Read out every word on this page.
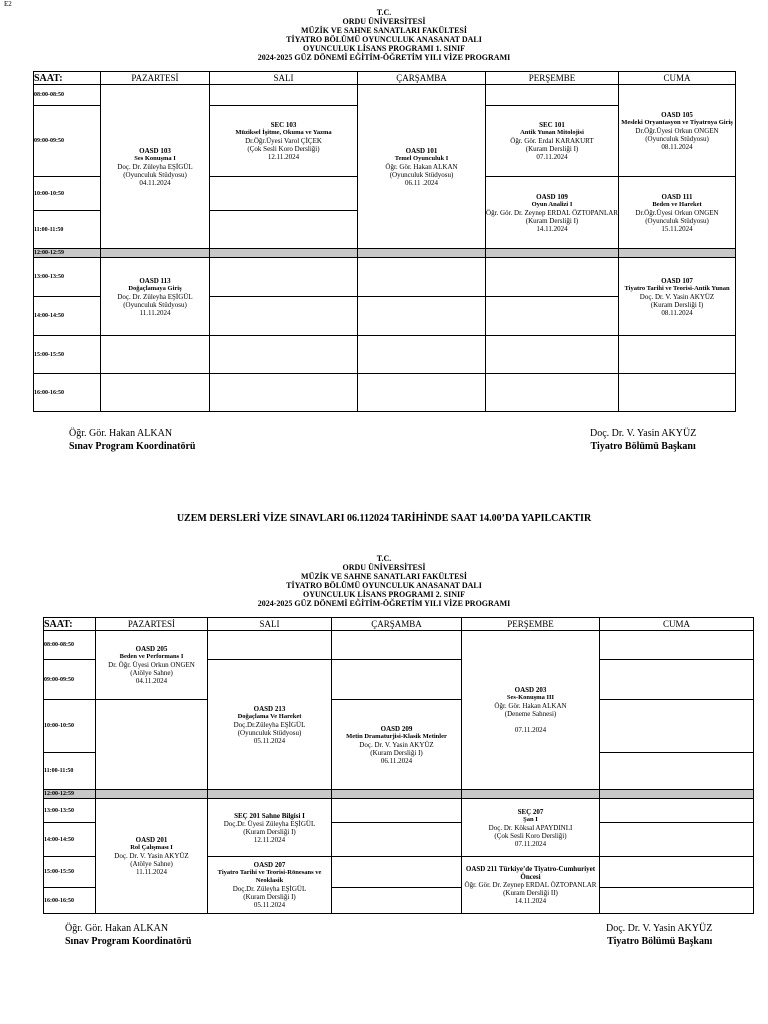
E2
T.C.
ORDU ÜNİVERSİTESİ
MÜZİK VE SAHNE SANATLARI FAKÜLTESİ
TİYATRO BÖLÜMÜ OYUNCULUK ANASANAT DALI
OYUNCULUK LİSANS PROGRAMI 1. SINIF
2024-2025 GÜZ DÖNEMİ EĞİTİM-ÖĞRETİM YILI VİZE PROGRAMI
SAAT:	PAZARTESİ	SALI	ÇARŞAMBA	PERŞEMBE	CUMA
08:00-08:50	OASD 103
Ses Konuşma I
Doç. Dr. Züleyha EŞİGÜL
(Oyunculuk Stüdyosu)
04.11.2024		OASD 101
Temel Oyunculuk I
Öğr. Gör. Hakan ALKAN
(Oyunculuk Stüdyosu)
06.11 .2024		OASD 105
Mesleki Oryantasyon ve Tiyatroya Giriş
Dr.Öğr.Üyesi Orkun ONGEN
(Oyunculuk Stüdyosu)
08.11.2024

09:00-09:50		SEC 103
Müziksel İşitme, Okuma ve Yazma
Dr.Öğr.Üyesi Varol ÇİÇEK
(Çok Sesli Koro Dersliği)
12.11.2024		SEC 101
Antik Yunan Mitolojisi
Öğr. Gör. Erdal KARAKURT
(Kuram Dersliği I)
07.11.2024	

10:00-10:50				OASD 109
Oyun Analizi I
Öğr. Gör. Dr. Zeynep ERDAL ÖZTOPANLAR
(Kuram Dersliği I)
14.11.2024	OASD 111
Beden ve Hareket
Dr.Öğr.Üyesi Orkun ONGEN
(Oyunculuk Stüdyosu)
15.11.2024

11:00-11:50					
12:00-12:59					
13:00-13:50	OASD 113
Doğaçlamaya Giriş
Doç. Dr. Züleyha EŞİGÜL
(Oyunculuk Stüdyosu)
11.11.2024				OASD 107
Tiyatro Tarihi ve Teorisi-Antik Yunan
Doç. Dr. V. Yasin AKYÜZ
(Kuram Dersliği I)
08.11.2024

14:00-14:50					
15:00-15:50					
16:00-16:50					
Öğr. Gör. Hakan ALKAN
Sınav Program Koordinatörü
Doç. Dr. V. Yasin AKYÜZ
Tiyatro Bölümü Başkanı
UZEM DERSLERİ VİZE SINAVLARI 06.112024 TARİHİNDE SAAT 14.00’DA YAPILCAKTIR
T.C.
ORDU ÜNİVERSİTESİ
MÜZİK VE SAHNE SANATLARI FAKÜLTESİ
TİYATRO BÖLÜMÜ OYUNCULUK ANASANAT DALI
OYUNCULUK LİSANS PROGRAMI 2. SINIF
2024-2025 GÜZ DÖNEMİ EĞİTİM-ÖĞRETİM YILI VİZE PROGRAMI
SAAT:	PAZARTESİ	SALI	ÇARŞAMBA	PERŞEMBE	CUMA
08:00-08:50	OASD 205
Beden ve Performans I
Dr. Öğr. Üyesi Orkun ONGEN
(Atölye Sahne)
04.11.2024			OASD 203
Ses-Konuşma III
Öğr. Gör. Hakan ALKAN
(Deneme Sahnesi)
07.11.2024	

09:00-09:50		OASD 213
Doğaçlama Ve Hareket
Doç.Dr.Züleyha EŞİGÜL
(Oyunculuk Stüdyosu)
05.11.2024			

10:00-10:50			OASD 209
Metin Dramaturjisi-Klasik Metinler
Doç. Dr. V. Yasin AKYÜZ
(Kuram Dersliği I)
06.11.2024		

11:00-11:50					
12:00-12:59					
13:00-13:50	OASD 201
Rol Çalışması I
Doç. Dr. V. Yasin AKYÜZ
(Atölye Sahne)
11.11.2024	SEÇ 201 Sahne Bilgisi I
Doç.Dr. Üyesi Züleyha EŞİGÜL
(Kuram Dersliği I)
12.11.2024		SEÇ 207
Şan I
Doç. Dr. Köksal APAYDINLI
(Çok Sesli Koro Dersliği)
07.11.2024	

14:00-14:50					
15:00-15:50		OASD 207
Tiyatro Tarihi ve Teorisi-Rönesans ve Neoklasik
Doç.Dr. Züleyha EŞİGÜL
(Kuram Dersliği I)
05.11.2024		OASD 211 Türkiye’de Tiyatro-Cumhuriyet Öncesi
Öğr. Gör. Dr. Zeynep ERDAL ÖZTOPANLAR
(Kuram Dersliği II)
14.11.2024	

16:00-16:50					
Öğr. Gör. Hakan ALKAN
Sınav Program Koordinatörü
Doç. Dr. V. Yasin AKYÜZ
Tiyatro Bölümü Başkanı
